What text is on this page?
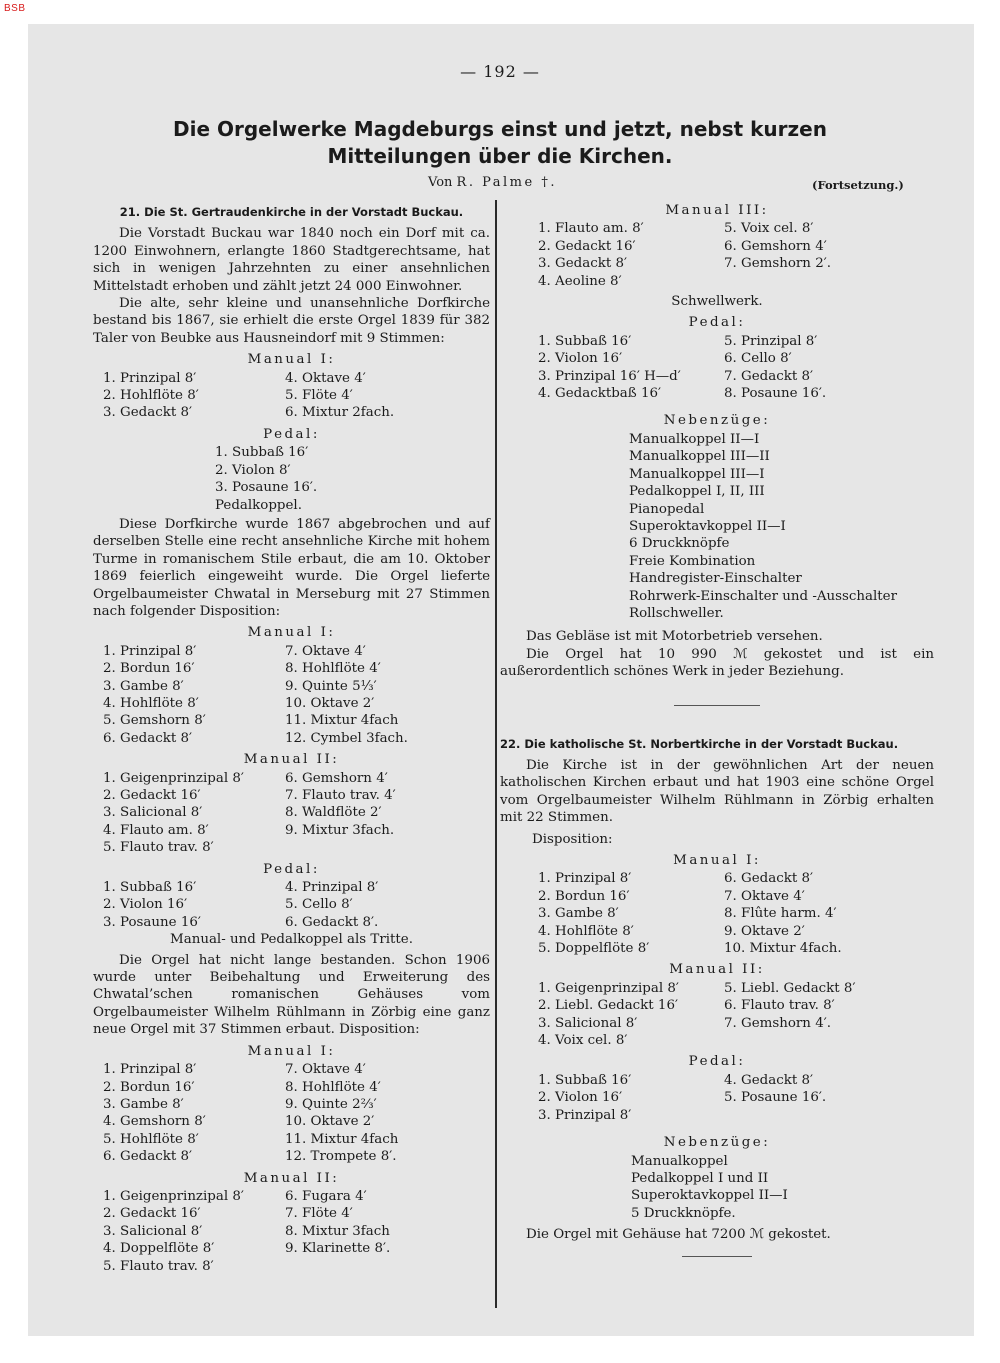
BSB
— 192 —
Die Orgelwerke Magdeburgs einst und jetzt, nebst kurzen
Mitteilungen über die Kirchen.
Von R. Palme †.	(Fortsetzung.)
21. Die St. Gertraudenkirche in der Vorstadt Buckau.

Die Vorstadt Buckau war 1840 noch ein Dorf mit ca. 1200 Einwohnern, erlangte 1860 Stadtgerechtsame, hat sich in wenigen Jahrzehnten zu einer ansehnlichen Mittelstadt erhoben und zählt jetzt 24 000 Einwohner.

Die alte, sehr kleine und unansehnliche Dorfkirche bestand bis 1867, sie erhielt die erste Orgel 1839 für 382 Taler von Beubke aus Hausneindorf mit 9 Stimmen:

Manual I:
1. Prinzipal 8′	4. Oktave 4′
2. Hohlflöte 8′	5. Flöte 4′
3. Gedackt 8′	6. Mixtur 2fach.
Pedal:
1. Subbaß 16′
2. Violon 8′
3. Posaune 16′.
Pedalkoppel.

Diese Dorfkirche wurde 1867 abgebrochen und auf derselben Stelle eine recht ansehnliche Kirche mit hohem Turme in romanischem Stile erbaut, die am 10. Oktober 1869 feierlich eingeweiht wurde. Die Orgel lieferte Orgelbaumeister Chwatal in Merseburg mit 27 Stimmen nach folgender Disposition:

Manual I:
1. Prinzipal 8′	7. Oktave 4′
2. Bordun 16′	8. Hohlflöte 4′
3. Gambe 8′	9. Quinte 5⅓′
4. Hohlflöte 8′	10. Oktave 2′
5. Gemshorn 8′	11. Mixtur 4fach
6. Gedackt 8′	12. Cymbel 3fach.
Manual II:
1. Geigenprinzipal 8′	6. Gemshorn 4′
2. Gedackt 16′	7. Flauto trav. 4′
3. Salicional 8′	8. Waldflöte 2′
4. Flauto am. 8′	9. Mixtur 3fach.
5. Flauto trav. 8′
Pedal:
1. Subbaß 16′	4. Prinzipal 8′
2. Violon 16′	5. Cello 8′
3. Posaune 16′	6. Gedackt 8′.
Manual- und Pedalkoppel als Tritte.

Die Orgel hat nicht lange bestanden. Schon 1906 wurde unter Beibehaltung und Erweiterung des Chwatal’schen romanischen Gehäuses vom Orgelbaumeister Wilhelm Rühlmann in Zörbig eine ganz neue Orgel mit 37 Stimmen erbaut. Disposition:

Manual I:
1. Prinzipal 8′	7. Oktave 4′
2. Bordun 16′	8. Hohlflöte 4′
3. Gambe 8′	9. Quinte 2⅔′
4. Gemshorn 8′	10. Oktave 2′
5. Hohlflöte 8′	11. Mixtur 4fach
6. Gedackt 8′	12. Trompete 8′.
Manual II:
1. Geigenprinzipal 8′	6. Fugara 4′
2. Gedackt 16′	7. Flöte 4′
3. Salicional 8′	8. Mixtur 3fach
4. Doppelflöte 8′	9. Klarinette 8′.
5. Flauto trav. 8′
Manual III:
1. Flauto am. 8′	5. Voix cel. 8′
2. Gedackt 16′	6. Gemshorn 4′
3. Gedackt 8′	7. Gemshorn 2′.
4. Aeoline 8′
Schwellwerk.
Pedal:
1. Subbaß 16′	5. Prinzipal 8′
2. Violon 16′	6. Cello 8′
3. Prinzipal 16′ H—d′	7. Gedackt 8′
4. Gedacktbaß 16′	8. Posaune 16′.
Nebenzüge:
Manualkoppel II—I
Manualkoppel III—II
Manualkoppel III—I
Pedalkoppel I, II, III
Pianopedal
Superoktavkoppel II—I
6 Druckknöpfe
Freie Kombination
Handregister-Einschalter
Rohrwerk-Einschalter und -Ausschalter
Rollschweller.

Das Gebläse ist mit Motorbetrieb versehen.

Die Orgel hat 10 990 ℳ gekostet und ist ein außerordentlich schönes Werk in jeder Beziehung.

22. Die katholische St. Norbertkirche in der Vorstadt Buckau.

Die Kirche ist in der gewöhnlichen Art der neuen katholischen Kirchen erbaut und hat 1903 eine schöne Orgel vom Orgelbaumeister Wilhelm Rühlmann in Zörbig erhalten mit 22 Stimmen.

Disposition:
Manual I:
1. Prinzipal 8′	6. Gedackt 8′
2. Bordun 16′	7. Oktave 4′
3. Gambe 8′	8. Flûte harm. 4′
4. Hohlflöte 8′	9. Oktave 2′
5. Doppelflöte 8′	10. Mixtur 4fach.
Manual II:
1. Geigenprinzipal 8′	5. Liebl. Gedackt 8′
2. Liebl. Gedackt 16′	6. Flauto trav. 8′
3. Salicional 8′	7. Gemshorn 4′.
4. Voix cel. 8′
Pedal:
1. Subbaß 16′	4. Gedackt 8′
2. Violon 16′	5. Posaune 16′.
3. Prinzipal 8′
Nebenzüge:
Manualkoppel
Pedalkoppel I und II
Superoktavkoppel II—I
5 Druckknöpfe.

Die Orgel mit Gehäuse hat 7200 ℳ gekostet.
